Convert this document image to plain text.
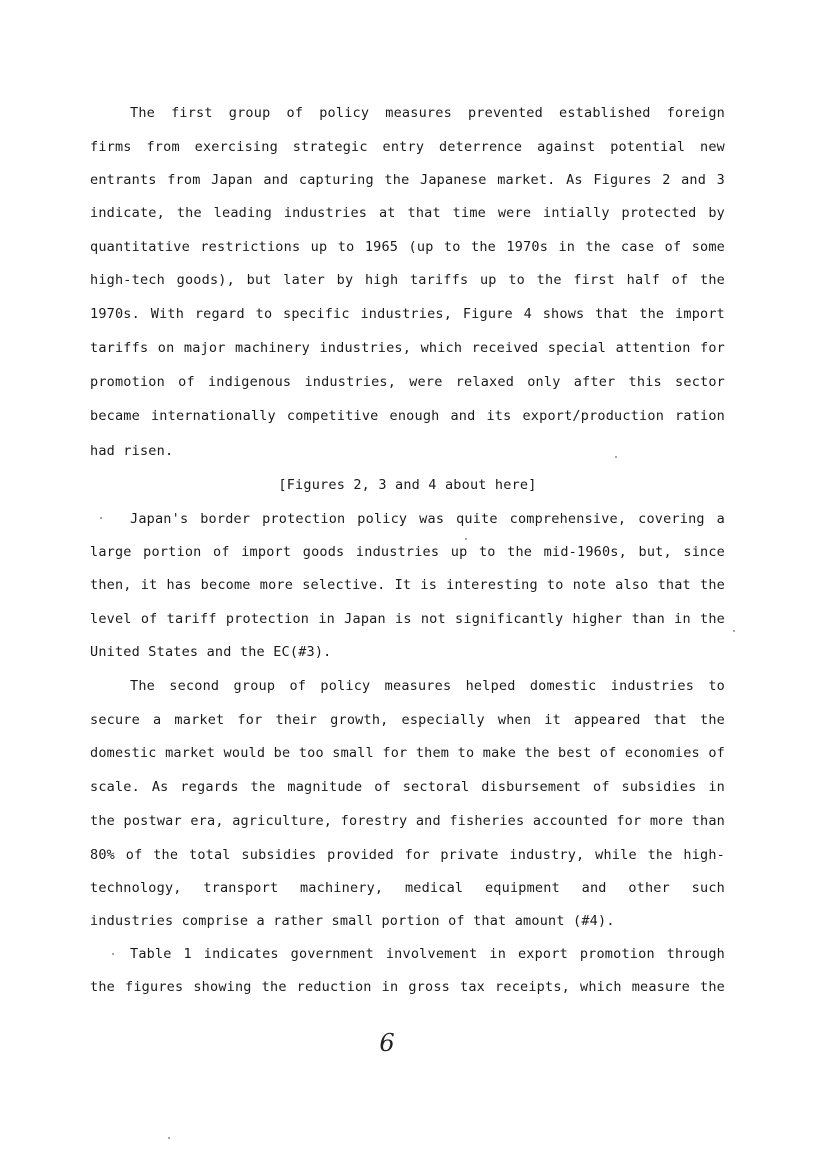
The first group of policy measures prevented established foreign
firms from exercising strategic entry deterrence against potential new
entrants from Japan and capturing the Japanese market. As Figures 2 and 3
indicate, the leading industries at that time were intially protected by
quantitative restrictions up to 1965 (up to the 1970s in the case of some
high-tech goods), but later by high tariffs up to the first half of the
1970s. With regard to specific industries, Figure 4 shows that the import
tariffs on major machinery industries, which received special attention for
promotion of indigenous industries, were relaxed only after this sector
became internationally competitive enough and its export/production ration
had risen.
[Figures 2, 3 and 4 about here]
Japan's border protection policy was quite comprehensive, covering a
large portion of import goods industries up to the mid-1960s, but, since
then, it has become more selective. It is interesting to note also that the
level of tariff protection in Japan is not significantly higher than in the
United States and the EC(#3).
The second group of policy measures helped domestic industries to
secure a market for their growth, especially when it appeared that the
domestic market would be too small for them to make the best of economies of
scale. As regards the magnitude of sectoral disbursement of subsidies in
the postwar era, agriculture, forestry and fisheries accounted for more than
80% of the total subsidies provided for private industry, while the high-
technology, transport machinery, medical equipment and other such
industries comprise a rather small portion of that amount (#4).
Table 1 indicates government involvement in export promotion through
the figures showing the reduction in gross tax receipts, which measure the
6
